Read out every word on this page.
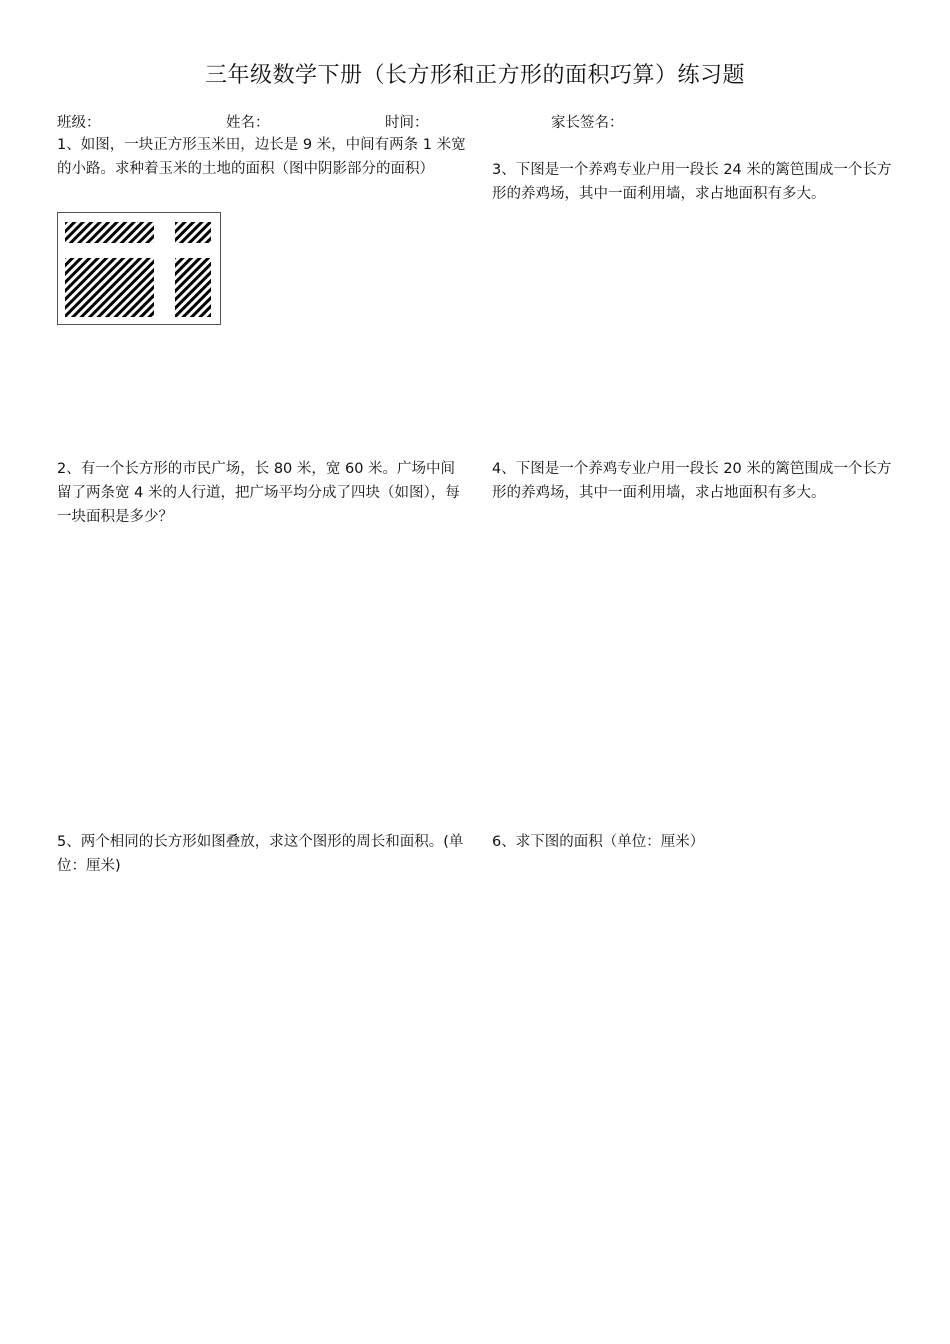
三年级数学下册（长方形和正方形的面积巧算）练习题
班级：	姓名：	时间：	家长签名：
1、如图，一块正方形玉米田，边长是 9 米，中间有两条 1 米宽的小路。求种着玉米的土地的面积（图中阴影部分的面积）
2、有一个长方形的市民广场，长 80 米，宽 60 米。广场中间留了两条宽 4 米的人行道，把广场平均分成了四块（如图），每一块面积是多少？
3、下图是一个养鸡专业户用一段长 24 米的篱笆围成一个长方形的养鸡场，其中一面利用墙，求占地面积有多大。
4、下图是一个养鸡专业户用一段长 20 米的篱笆围成一个长方形的养鸡场，其中一面利用墙，求占地面积有多大。
5、两个相同的长方形如图叠放，求这个图形的周长和面积。(单位：厘米)
6、求下图的面积（单位：厘米）
